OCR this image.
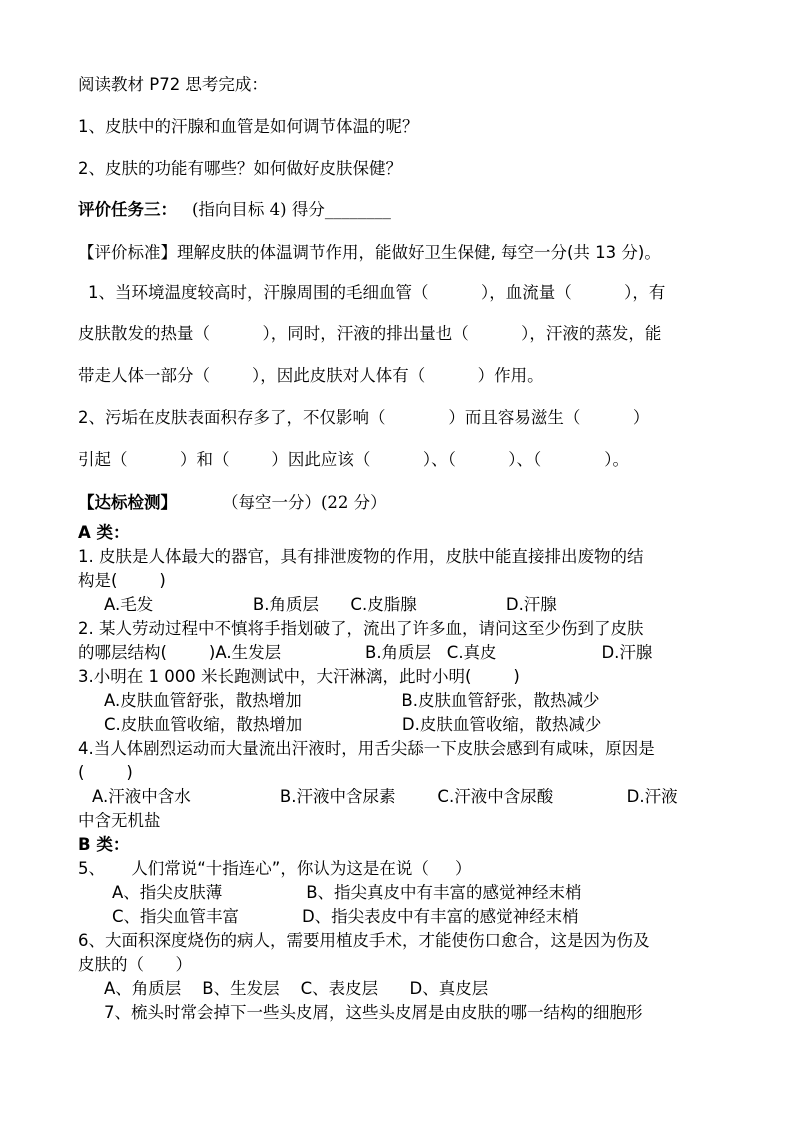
阅读教材 P72 思考完成：
1、皮肤中的汗腺和血管是如何调节体温的呢？
2、皮肤的功能有哪些？如何做好皮肤保健？
评价任务三： (指向目标 4) 得分________
【评价标准】理解皮肤的体温调节作用，能做好卫生保健, 每空一分(共 13 分)。
1、当环境温度较高时，汗腺周围的毛细血管（          ），血流量（          ），有
皮肤散发的热量（          ），同时，汗液的排出量也（          ），汗液的蒸发，能
带走人体一部分（        ），因此皮肤对人体有（          ）作用。
2、污垢在皮肤表面积存多了，不仅影响（            ）而且容易滋生（          ）
引起（          ）和（        ）因此应该（          ）、（          ）、（            ）。
【达标检测】	（每空一分）(22 分）
A 类：
1. 皮肤是人体最大的器官，具有排泄废物的作用，皮肤中能直接排出废物的结
构是(        )
A.毛发                   B.角质层      C.皮脂腺                 D.汗腺
2. 某人劳动过程中不慎将手指划破了，流出了许多血，请问这至少伤到了皮肤
的哪层结构(        )A.生发层                B.角质层   C.真皮                    D.汗腺
3.小明在 1 000 米长跑测试中，大汗淋漓，此时小明(        )
A.皮肤血管舒张，散热增加                   B.皮肤血管舒张，散热减少
C.皮肤血管收缩，散热增加                   D.皮肤血管收缩，散热减少
4.当人体剧烈运动而大量流出汗液时，用舌尖舔一下皮肤会感到有咸味，原因是
(        )
A.汗液中含水                 B.汗液中含尿素        C.汗液中含尿酸              D.汗液
中含无机盐
B 类：
5、     人们常说“十指连心”，你认为这是在说（     ）
A、指尖皮肤薄                B、指尖真皮中有丰富的感觉神经末梢
C、指尖血管丰富            D、指尖表皮中有丰富的感觉神经末梢
6、大面积深度烧伤的病人，需要用植皮手术，才能使伤口愈合，这是因为伤及
皮肤的（      ）
A、角质层    B、生发层    C、表皮层      D、真皮层
7、梳头时常会掉下一些头皮屑，这些头皮屑是由皮肤的哪一结构的细胞形
